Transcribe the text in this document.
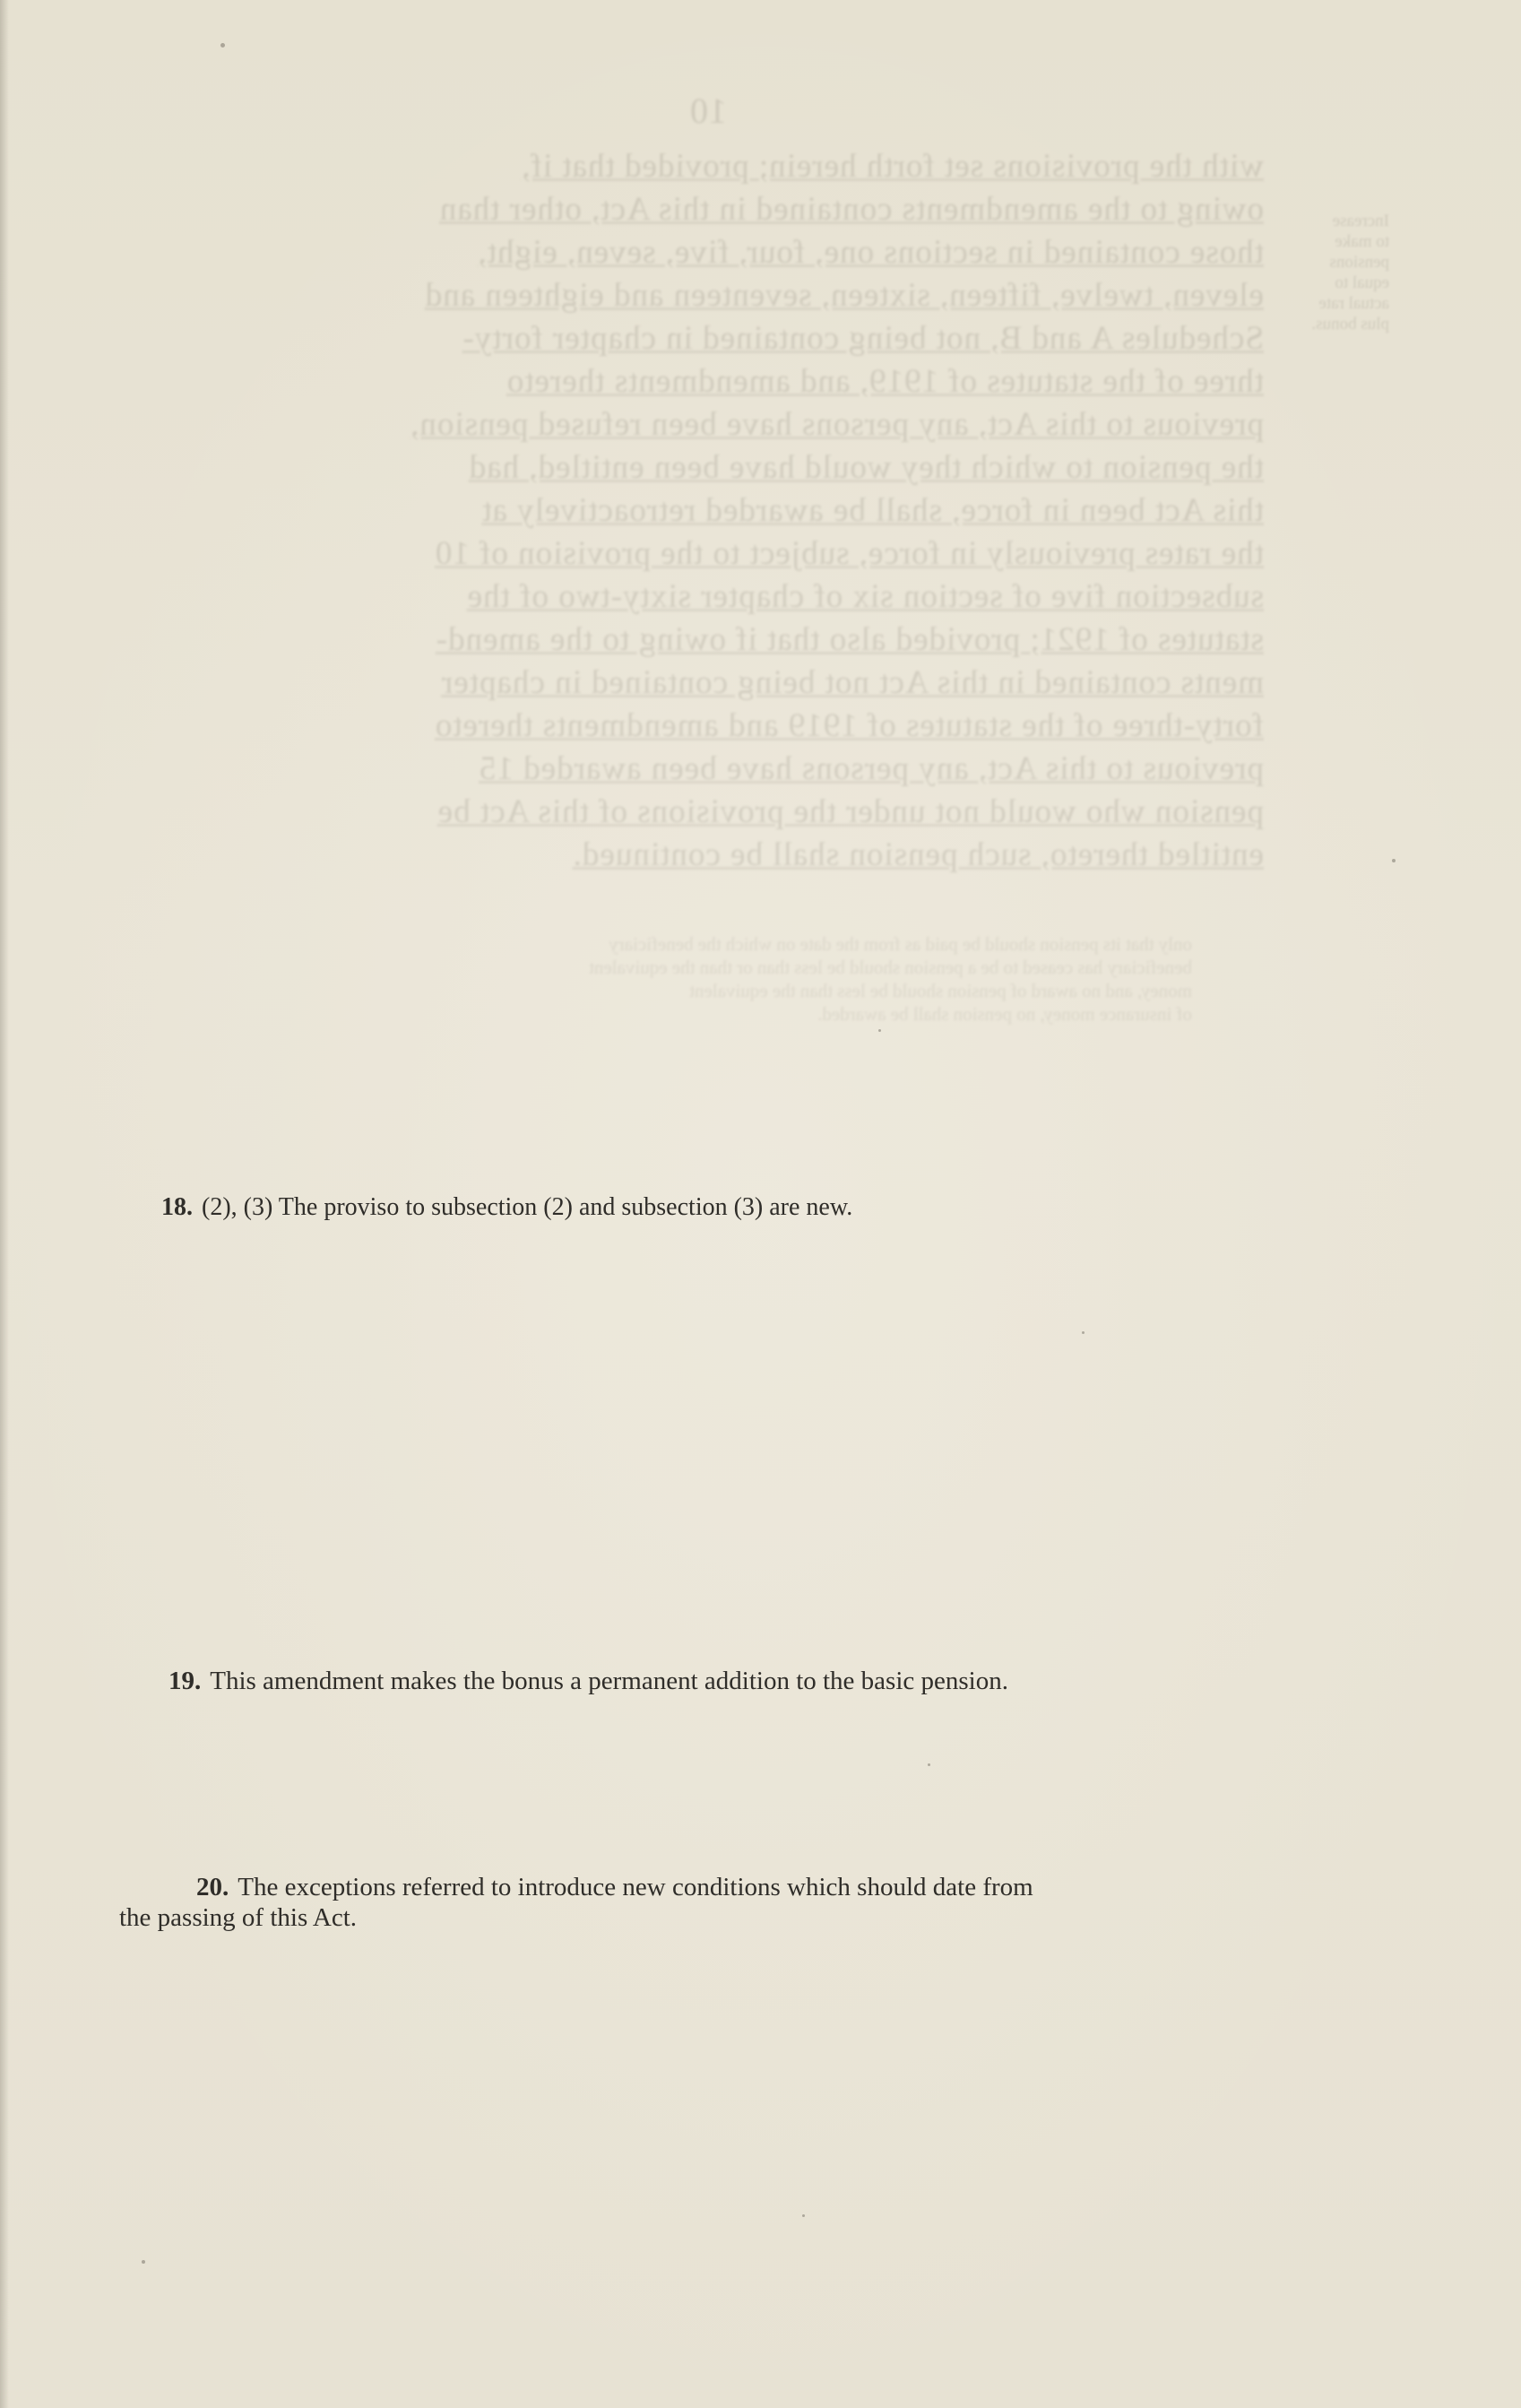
10
with the provisions set forth herein; provided that if,
owing to the amendments contained in this Act, other than
those contained in sections one, four, five, seven, eight,
eleven, twelve, fifteen, sixteen, seventeen and eighteen and
Schedules A and B, not being contained in chapter forty-
three of the statutes of 1919, and amendments thereto
previous to this Act, any persons have been refused pension,
the pension to which they would have been entitled, had
this Act been in force, shall be awarded retroactively at
the rates previously in force, subject to the provision of 10
subsection five of section six of chapter sixty-two of the
statutes of 1921; provided also that if owing to the amend-
ments contained in this Act not being contained in chapter
forty-three of the statutes of 1919 and amendments thereto
previous to this Act, any persons have been awarded 15
pension who would not under the provisions of this Act be
entitled thereto, such pension shall be continued.
Increase
to make
pensions
equal to
actual rate
plus bonus.
only that its pension should be paid as from the date on which the beneficiary
beneficiary has ceased to be a pension should be less than or than the equivalent
money, and no award of pension should be less than the equivalent
of insurance money, no pension shall be awarded.

18. (2), (3) The proviso to subsection (2) and subsection (3) are new.

19. This amendment makes the bonus a permanent addition to the basic pension.

20. The exceptions referred to introduce new conditions which should date from
the passing of this Act.
